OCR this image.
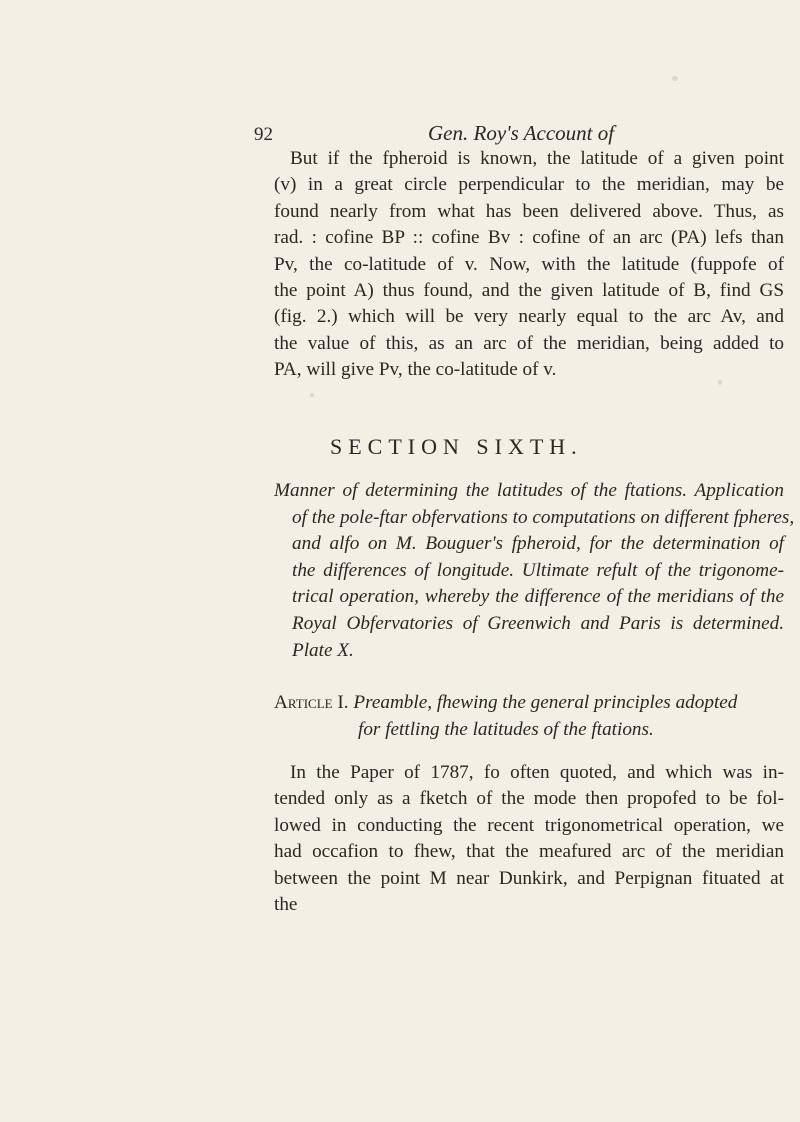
92	Gen. Roy's Account of
But if the fpheroid is known, the latitude of a given point
(v) in a great circle perpendicular to the meridian, may be
found nearly from what has been delivered above. Thus, as
rad. : cofine BP :: cofine Bv : cofine of an arc (PA) lefs than
Pv, the co-latitude of v. Now, with the latitude (fuppofe of
the point A) thus found, and the given latitude of B, find GS
(fig. 2.) which will be very nearly equal to the arc Av, and
the value of this, as an arc of the meridian, being added to
PA, will give Pv, the co-latitude of v.
SECTION SIXTH.
Manner of determining the latitudes of the ftations. Application
of the pole-ftar obfervations to computations on different fpheres,
and alfo on M. Bouguer's fpheroid, for the determination of
the differences of longitude. Ultimate refult of the trigonome-
trical operation, whereby the difference of the meridians of the
Royal Obfervatories of Greenwich and Paris is determined.
Plate X.
Article I. Preamble, fhewing the general principles adopted
for fettling the latitudes of the ftations.
In the Paper of 1787, fo often quoted, and which was in-
tended only as a fketch of the mode then propofed to be fol-
lowed in conducting the recent trigonometrical operation, we
had occafion to fhew, that the meafured arc of the meridian
between the point M near Dunkirk, and Perpignan fituated at
the
